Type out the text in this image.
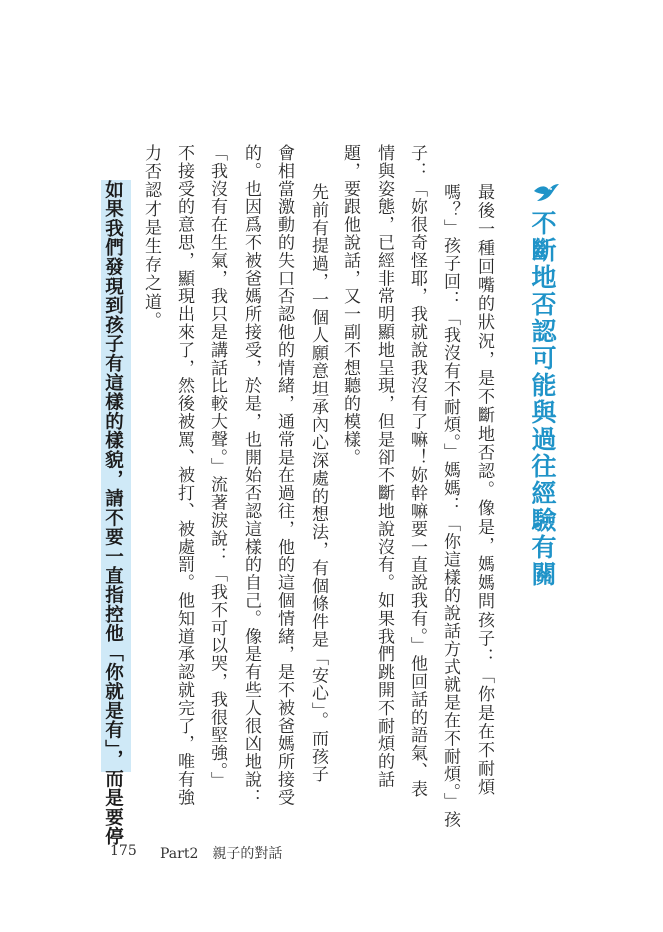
不斷地否認可能與過往經驗有關
最後一種回嘴的狀況，是不斷地否認。像是，媽媽問孩子：「你是在不耐煩
嗎？」孩子回：「我沒有不耐煩。」媽媽：「你這樣的說話方式就是在不耐煩。」孩
子：「妳很奇怪耶，我就說我沒有了嘛！妳幹嘛要一直說我有。」他回話的語氣、表
情與姿態，已經非常明顯地呈現，但是卻不斷地說沒有。如果我們跳開不耐煩的話
題，要跟他說話，又一副不想聽的模樣。
先前有提過，一個人願意坦承內心深處的想法，有個條件是「安心」。而孩子
會相當激動的失口否認他的情緒，通常是在過往，他的這個情緒，是不被爸媽所接受
的。也因爲不被爸媽所接受，於是，也開始否認這樣的自己。像是有些人很凶地說：
「我沒有在生氣，我只是講話比較大聲。」流著淚說：「我不可以哭，我很堅強。」
不接受的意思，顯現出來了，然後被罵、被打、被處罰。他知道承認就完了，唯有強
力否認才是生存之道。
如果我們發現到孩子有這樣的樣貌，請不要一直指控他「你就是有」，而是要停
175 Part2　親子的對話
